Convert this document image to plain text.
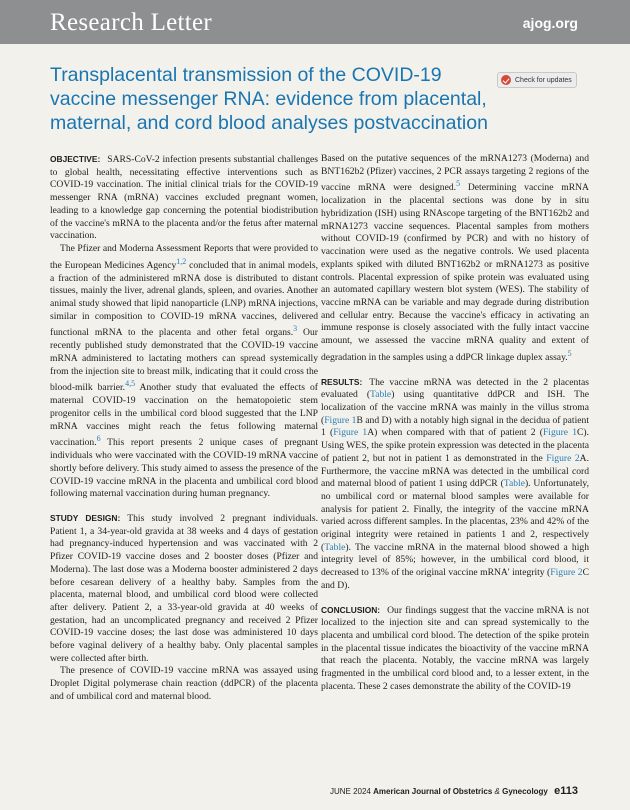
Research Letter	ajog.org
Transplacental transmission of the COVID-19 vaccine messenger RNA: evidence from placental, maternal, and cord blood analyses postvaccination
Check for updates

OBJECTIVE: SARS-CoV-2 infection presents substantial challenges to global health, necessitating effective interventions such as COVID-19 vaccination. The initial clinical trials for the COVID-19 messenger RNA (mRNA) vaccines excluded pregnant women, leading to a knowledge gap concerning the potential biodistribution of the vaccine's mRNA to the placenta and/or the fetus after maternal vaccination.

The Pfizer and Moderna Assessment Reports that were provided to the European Medicines Agency$^{1,2}$ concluded that in animal models, a fraction of the administered mRNA dose is distributed to distant tissues, mainly the liver, adrenal glands, spleen, and ovaries. Another animal study showed that lipid nanoparticle (LNP) mRNA injections, similar in composition to COVID-19 mRNA vaccines, delivered functional mRNA to the placenta and other fetal organs.$^3$ Our recently published study demonstrated that the COVID-19 vaccine mRNA administered to lactating mothers can spread systemically from the injection site to breast milk, indicating that it could cross the blood-milk barrier.$^{4,5}$ Another study that evaluated the effects of maternal COVID-19 vaccination on the hematopoietic stem progenitor cells in the umbilical cord blood suggested that the LNP mRNA vaccines might reach the fetus following maternal vaccination.$^6$ This report presents 2 unique cases of pregnant individuals who were vaccinated with the COVID-19 mRNA vaccine shortly before delivery. This study aimed to assess the presence of the COVID-19 vaccine mRNA in the placenta and umbilical cord blood following maternal vaccination during human pregnancy.

STUDY DESIGN: This study involved 2 pregnant individuals. Patient 1, a 34-year-old gravida at 38 weeks and 4 days of gestation had pregnancy-induced hypertension and was vaccinated with 2 Pfizer COVID-19 vaccine doses and 2 booster doses (Pfizer and Moderna). The last dose was a Moderna booster administered 2 days before cesarean delivery of a healthy baby. Samples from the placenta, maternal blood, and umbilical cord blood were collected after delivery. Patient 2, a 33-year-old gravida at 40 weeks of gestation, had an uncomplicated pregnancy and received 2 Pfizer COVID-19 vaccine doses; the last dose was administered 10 days before vaginal delivery of a healthy baby. Only placental samples were collected after birth.

The presence of COVID-19 vaccine mRNA was assayed using Droplet Digital polymerase chain reaction (ddPCR) of the placenta and of umbilical cord and maternal blood.

Based on the putative sequences of the mRNA1273 (Moderna) and BNT162b2 (Pfizer) vaccines, 2 PCR assays targeting 2 regions of the vaccine mRNA were designed.$^5$ Determining vaccine mRNA localization in the placental sections was done by in situ hybridization (ISH) using RNAscope targeting of the BNT162b2 and mRNA1273 vaccine sequences. Placental samples from mothers without COVID-19 (confirmed by PCR) and with no history of vaccination were used as the negative controls. We used placenta explants spiked with diluted BNT162b2 or mRNA1273 as positive controls. Placental expression of spike protein was evaluated using an automated capillary western blot system (WES). The stability of vaccine mRNA can be variable and may degrade during distribution and cellular entry. Because the vaccine's efficacy in activating an immune response is closely associated with the fully intact vaccine amount, we assessed the vaccine mRNA quality and extent of degradation in the samples using a ddPCR linkage duplex assay.$^5$

RESULTS: The vaccine mRNA was detected in the 2 placentas evaluated (Table) using quantitative ddPCR and ISH. The localization of the vaccine mRNA was mainly in the villus stroma (Figure 1B and D) with a notably high signal in the decidua of patient 1 (Figure 1A) when compared with that of patient 2 (Figure 1C). Using WES, the spike protein expression was detected in the placenta of patient 2, but not in patient 1 as demonstrated in the Figure 2A. Furthermore, the vaccine mRNA was detected in the umbilical cord and maternal blood of patient 1 using ddPCR (Table). Unfortunately, no umbilical cord or maternal blood samples were available for analysis for patient 2. Finally, the integrity of the vaccine mRNA varied across different samples. In the placentas, 23% and 42% of the original integrity were retained in patients 1 and 2, respectively (Table). The vaccine mRNA in the maternal blood showed a high integrity level of 85%; however, in the umbilical cord blood, it decreased to 13% of the original vaccine mRNA' integrity (Figure 2C and D).

CONCLUSION: Our findings suggest that the vaccine mRNA is not localized to the injection site and can spread systemically to the placenta and umbilical cord blood. The detection of the spike protein in the placental tissue indicates the bioactivity of the vaccine mRNA that reach the placenta. Notably, the vaccine mRNA was largely fragmented in the umbilical cord blood and, to a lesser extent, in the placenta. These 2 cases demonstrate the ability of the COVID-19

JUNE 2024 American Journal of Obstetrics & Gynecology e113
